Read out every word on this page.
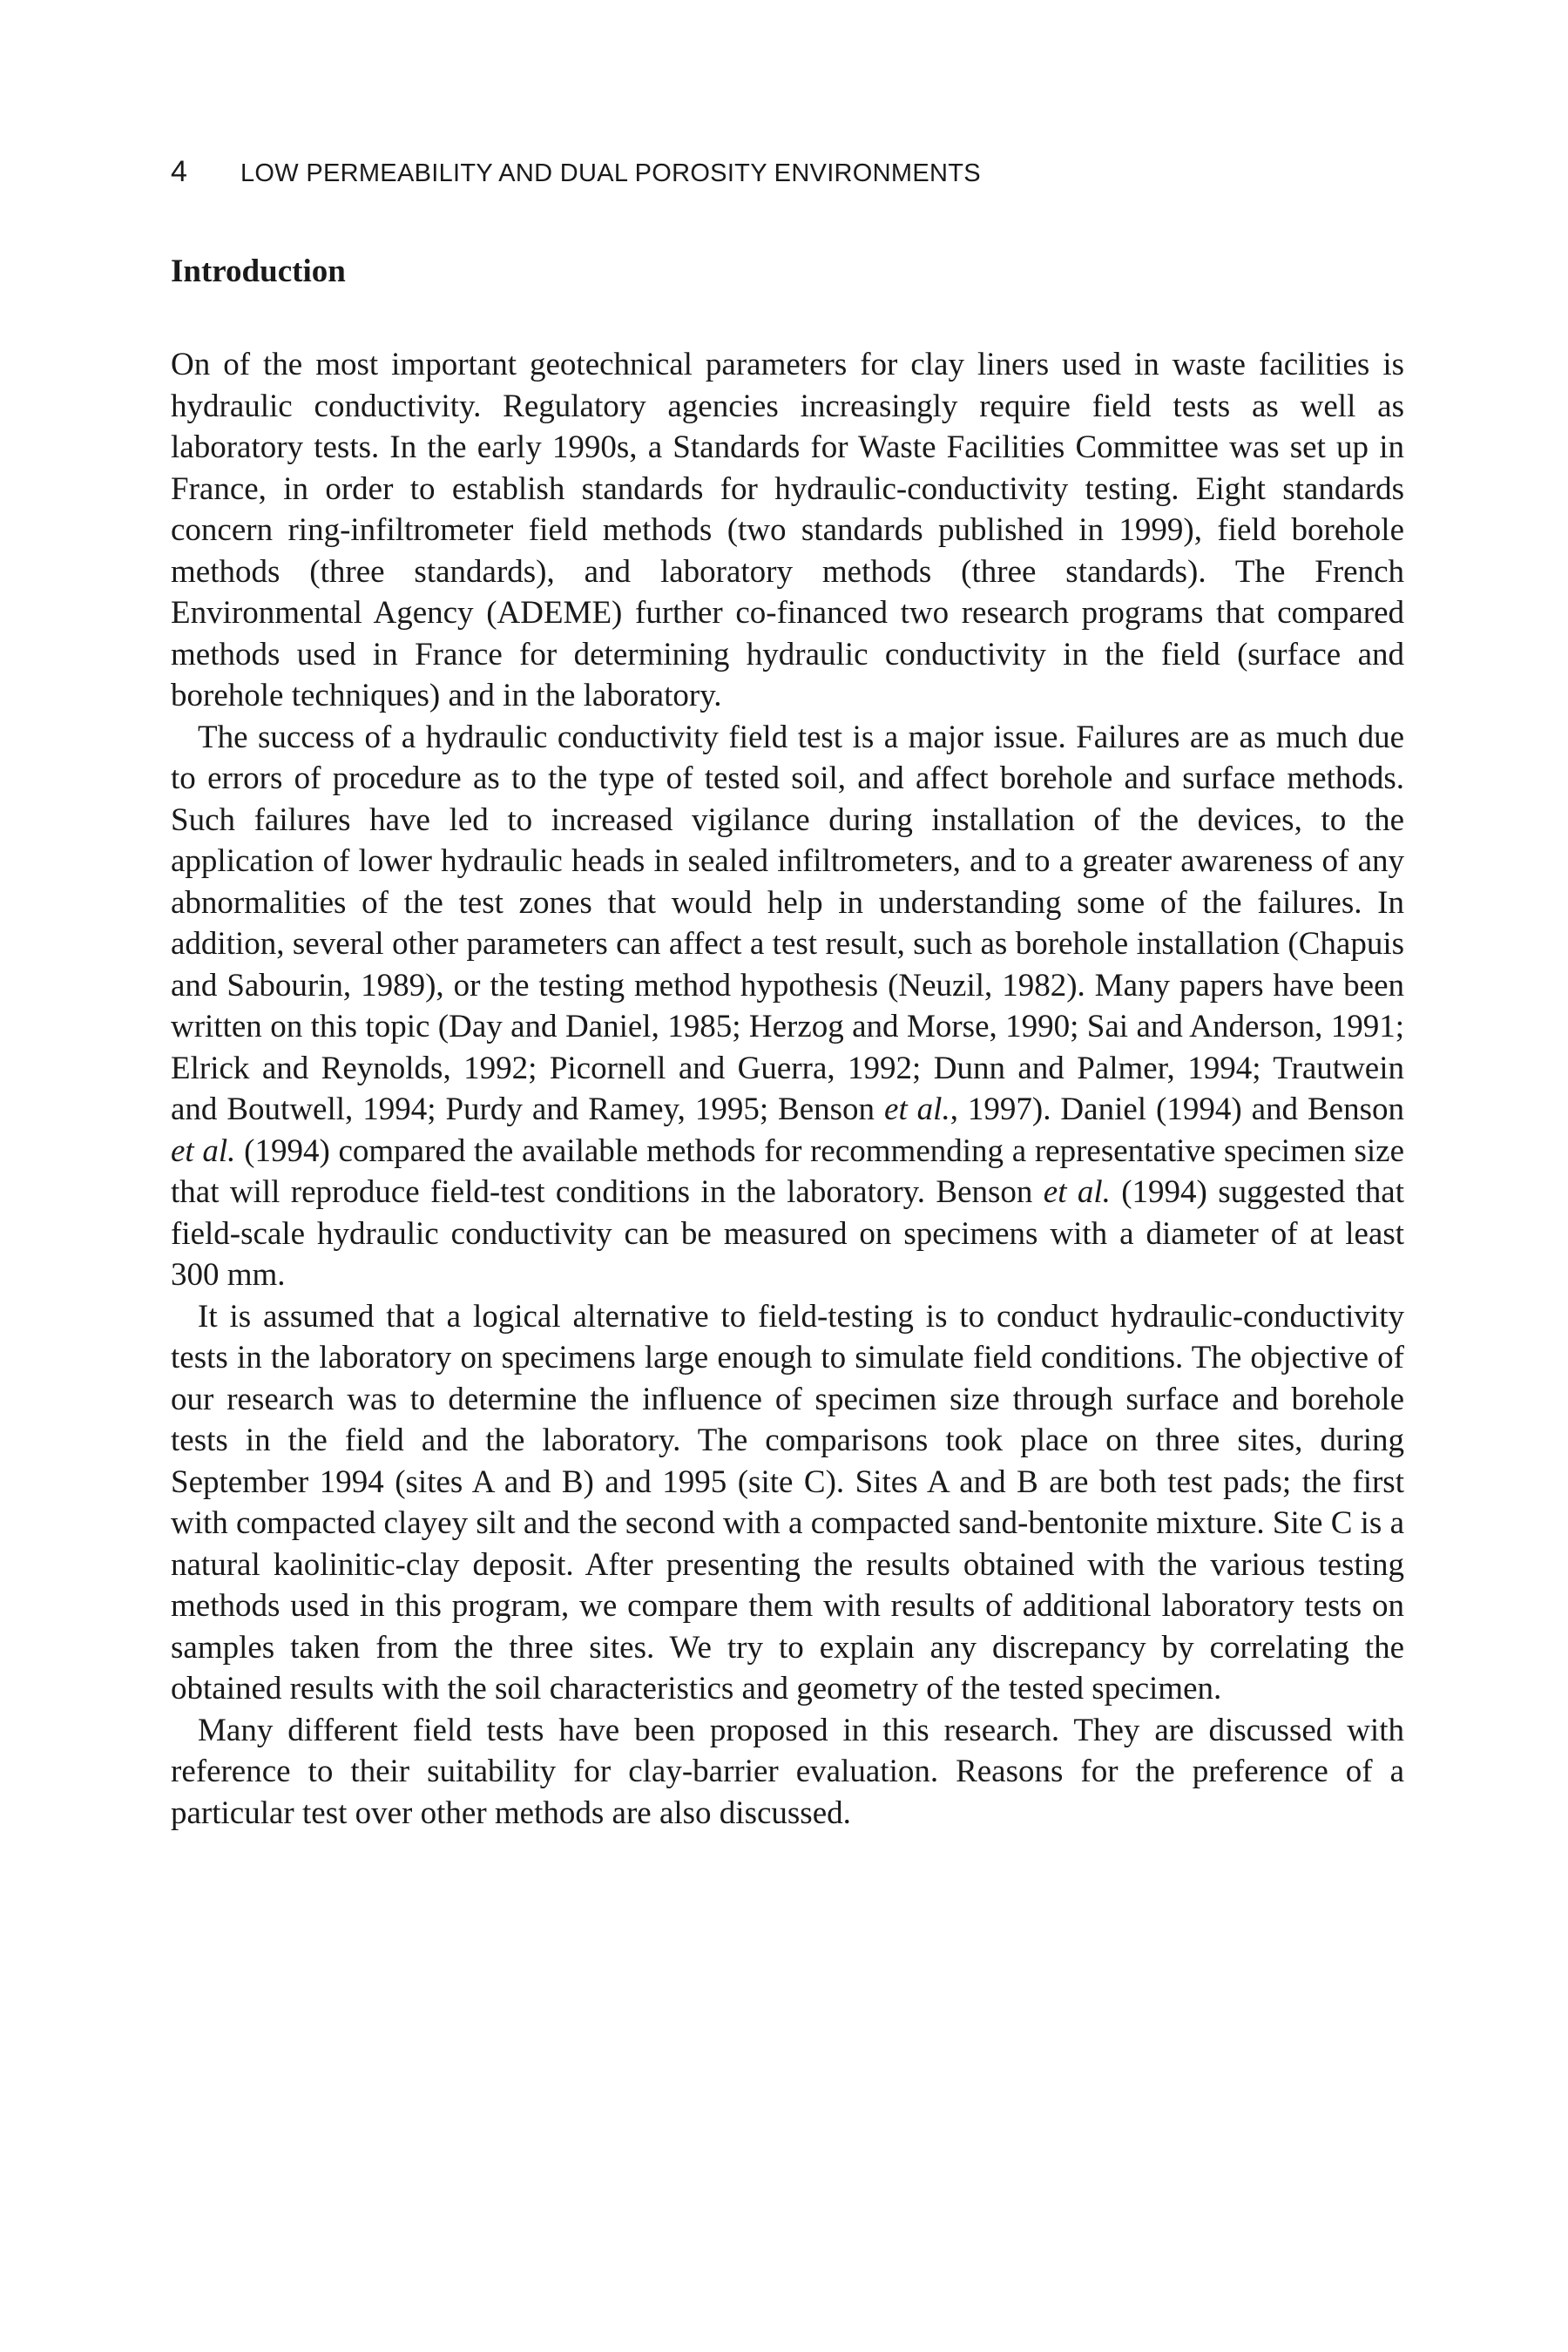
4 LOW PERMEABILITY AND DUAL POROSITY ENVIRONMENTS
Introduction

On of the most important geotechnical parameters for clay liners used in waste facilities is hydraulic conductivity. Regulatory agencies increasingly require field tests as well as laboratory tests. In the early 1990s, a Standards for Waste Facilities Committee was set up in France, in order to establish standards for hydraulic-conductivity testing. Eight standards concern ring-infiltrometer field methods (two standards published in 1999), field borehole methods (three standards), and laboratory methods (three standards). The French Environmental Agency (ADEME) further co-financed two research programs that compared methods used in France for determining hydraulic conductivity in the field (surface and borehole techniques) and in the laboratory.

The success of a hydraulic conductivity field test is a major issue. Failures are as much due to errors of procedure as to the type of tested soil, and affect borehole and surface methods. Such failures have led to increased vigilance during installation of the devices, to the application of lower hydraulic heads in sealed infiltrometers, and to a greater awareness of any abnormalities of the test zones that would help in understanding some of the failures. In addition, several other parameters can affect a test result, such as borehole installation (Chapuis and Sabourin, 1989), or the testing method hypothesis (Neuzil, 1982). Many papers have been written on this topic (Day and Daniel, 1985; Herzog and Morse, 1990; Sai and Anderson, 1991; Elrick and Reynolds, 1992; Picornell and Guerra, 1992; Dunn and Palmer, 1994; Trautwein and Boutwell, 1994; Purdy and Ramey, 1995; Benson et al., 1997). Daniel (1994) and Benson et al. (1994) compared the available methods for recommending a representative specimen size that will reproduce field-test conditions in the laboratory. Benson et al. (1994) suggested that field-scale hydraulic conductivity can be measured on specimens with a diameter of at least 300 mm.

It is assumed that a logical alternative to field-testing is to conduct hydraulic-conductivity tests in the laboratory on specimens large enough to simulate field conditions. The objective of our research was to determine the influence of specimen size through surface and borehole tests in the field and the laboratory. The comparisons took place on three sites, during September 1994 (sites A and B) and 1995 (site C). Sites A and B are both test pads; the first with compacted clayey silt and the second with a compacted sand-bentonite mixture. Site C is a natural kaolinitic-clay deposit. After presenting the results obtained with the various testing methods used in this program, we compare them with results of additional laboratory tests on samples taken from the three sites. We try to explain any discrepancy by correlating the obtained results with the soil characteristics and geometry of the tested specimen.

Many different field tests have been proposed in this research. They are discussed with reference to their suitability for clay-barrier evaluation. Reasons for the preference of a particular test over other methods are also discussed.
